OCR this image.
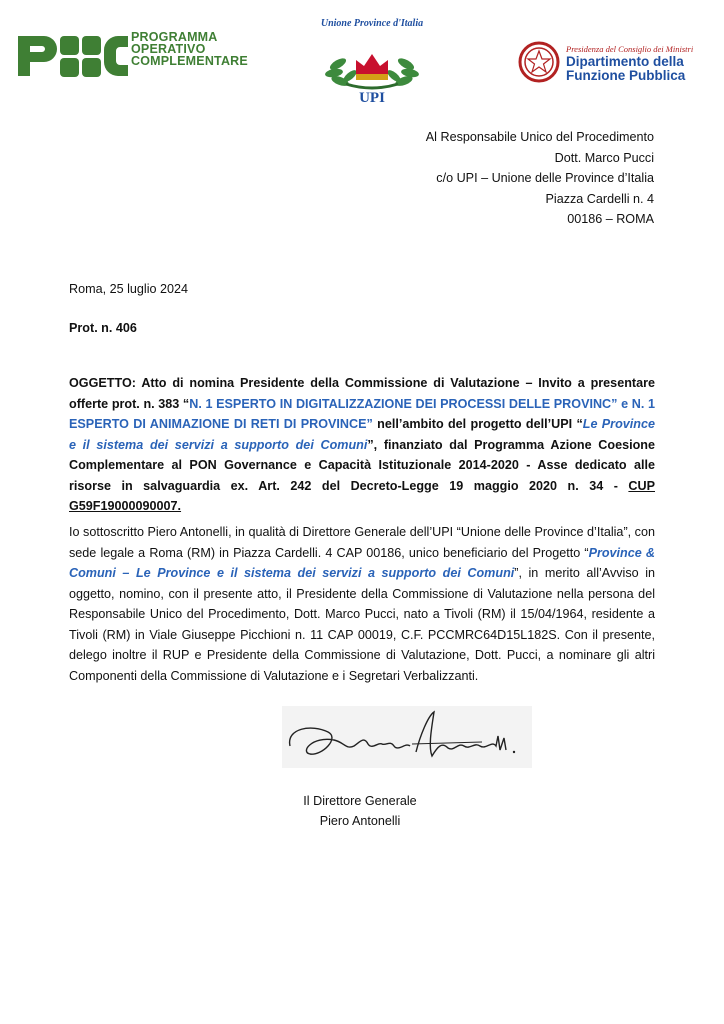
PROGRAMMA
OPERATIVO
COMPLEMENTARE
Unione Province d'Italia
UPI
Presidenza del Consiglio dei Ministri
Dipartimento della
Funzione Pubblica
Al Responsabile Unico del Procedimento
Dott. Marco Pucci
c/o UPI – Unione delle Province d’Italia
Piazza Cardelli n. 4
00186 – ROMA
Roma, 25 luglio 2024
Prot. n. 406
OGGETTO: Atto di nomina Presidente della Commissione di Valutazione – Invito a presentare offerte prot. n. 383 “N. 1 ESPERTO IN DIGITALIZZAZIONE DEI PROCESSI DELLE PROVINC” e N. 1 ESPERTO DI ANIMAZIONE DI RETI DI PROVINCE” nell’ambito del progetto dell’UPI “Le Province e il sistema dei servizi a supporto dei Comuni”, finanziato dal Programma Azione Coesione Complementare al PON Governance e Capacità Istituzionale 2014-2020 - Asse dedicato alle risorse in salvaguardia ex. Art. 242 del Decreto-Legge 19 maggio 2020 n. 34 - CUP G59F19000090007.
Io sottoscritto Piero Antonelli, in qualità di Direttore Generale dell’UPI “Unione delle Province d’Italia”, con sede legale a Roma (RM) in Piazza Cardelli. 4 CAP 00186, unico beneficiario del Progetto “Province & Comuni – Le Province e il sistema dei servizi a supporto dei Comuni”, in merito all’Avviso in oggetto, nomino, con il presente atto, il Presidente della Commissione di Valutazione nella persona del Responsabile Unico del Procedimento, Dott. Marco Pucci, nato a Tivoli (RM) il 15/04/1964, residente a Tivoli (RM) in Viale Giuseppe Picchioni n. 11 CAP 00019, C.F. PCCMRC64D15L182S. Con il presente, delego inoltre il RUP e Presidente della Commissione di Valutazione, Dott. Pucci, a nominare gli altri Componenti della Commissione di Valutazione e i Segretari Verbalizzanti.
Il Direttore Generale
Piero Antonelli
